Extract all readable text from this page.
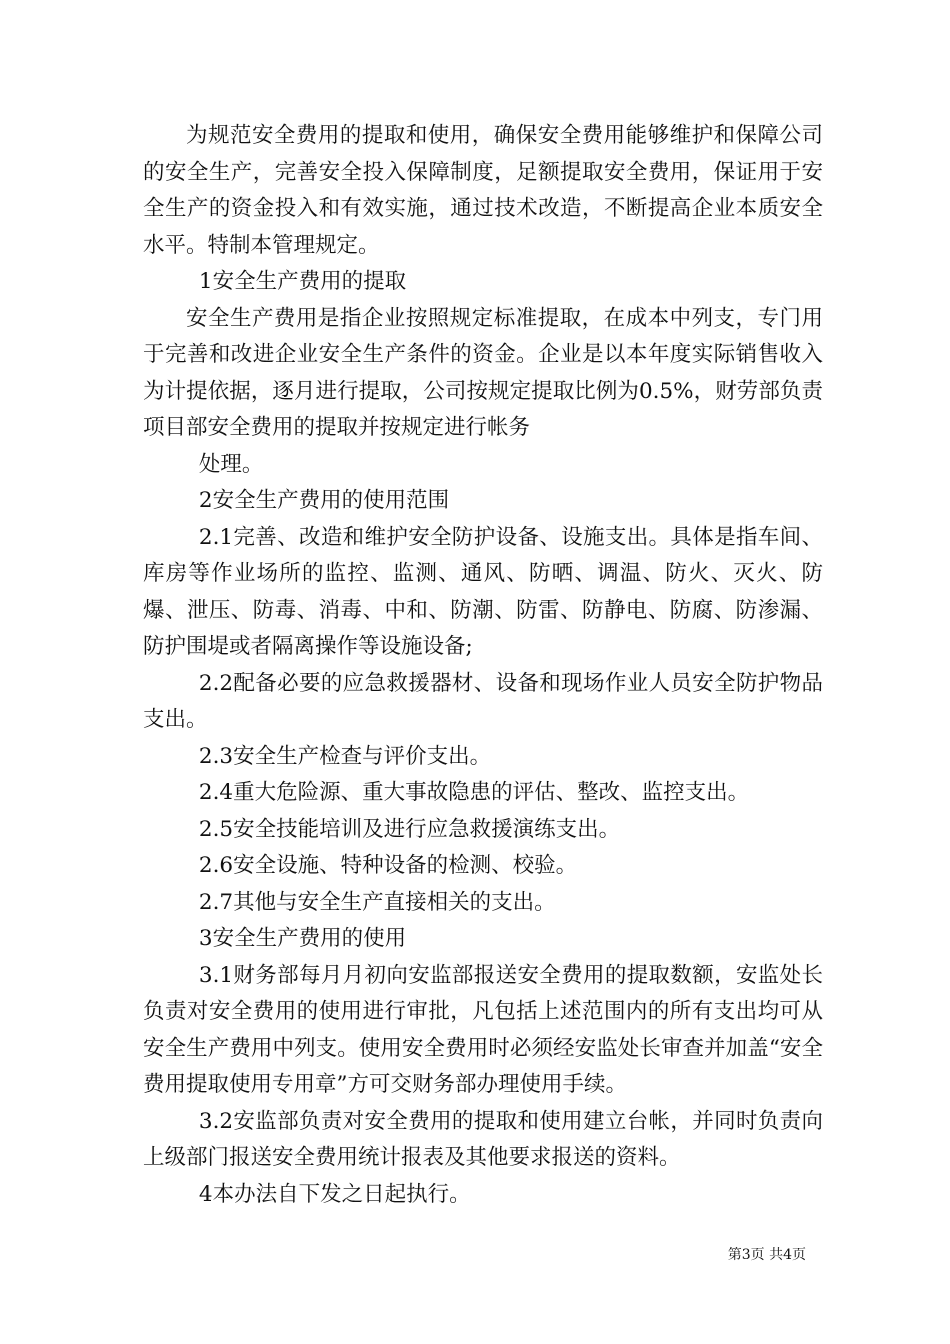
为规范安全费用的提取和使用，确保安全费用能够维护和保障公司的安全生产，完善安全投入保障制度，足额提取安全费用，保证用于安全生产的资金投入和有效实施，通过技术改造，不断提高企业本质安全水平。特制本管理规定。

1安全生产费用的提取

安全生产费用是指企业按照规定标准提取，在成本中列支，专门用于完善和改进企业安全生产条件的资金。企业是以本年度实际销售收入为计提依据，逐月进行提取，公司按规定提取比例为0.5%，财劳部负责项目部安全费用的提取并按规定进行帐务

处理。

2安全生产费用的使用范围

2.1完善、改造和维护安全防护设备、设施支出。具体是指车间、库房等作业场所的监控、监测、通风、防晒、调温、防火、灭火、防爆、泄压、防毒、消毒、中和、防潮、防雷、防静电、防腐、防渗漏、防护围堤或者隔离操作等设施设备;

2.2配备必要的应急救援器材、设备和现场作业人员安全防护物品支出。

2.3安全生产检查与评价支出。

2.4重大危险源、重大事故隐患的评估、整改、监控支出。

2.5安全技能培训及进行应急救援演练支出。

2.6安全设施、特种设备的检测、校验。

2.7其他与安全生产直接相关的支出。

3安全生产费用的使用

3.1财务部每月月初向安监部报送安全费用的提取数额，安监处长负责对安全费用的使用进行审批，凡包括上述范围内的所有支出均可从安全生产费用中列支。使用安全费用时必须经安监处长审查并加盖“安全费用提取使用专用章”方可交财务部办理使用手续。

3.2安监部负责对安全费用的提取和使用建立台帐，并同时负责向上级部门报送安全费用统计报表及其他要求报送的资料。

4本办法自下发之日起执行。

第3页 共4页
